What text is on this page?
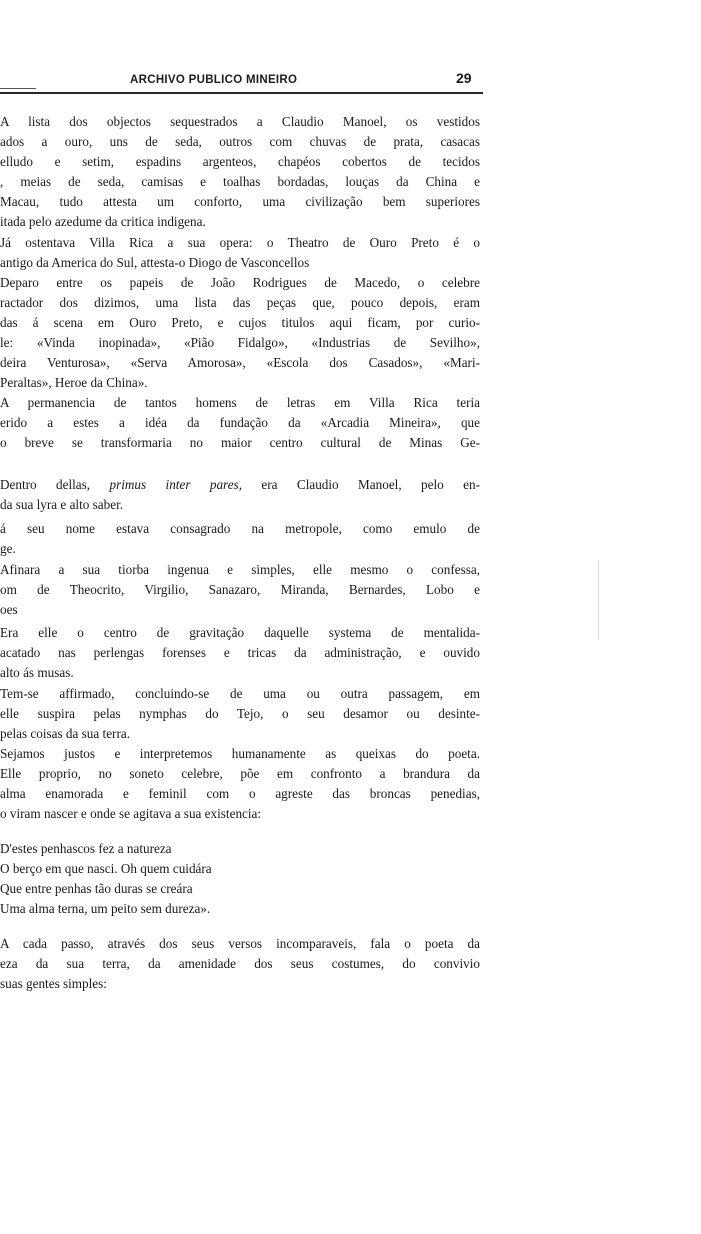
ARCHIVO PUBLICO MINEIRO	29
A lista dos objectos sequestrados a Claudio Manoel, os vestidos
ados a ouro, uns de seda, outros com chuvas de prata, casacas
elludo e setim, espadins argenteos, chapéos cobertos de tecidos
, meias de seda, camisas e toalhas bordadas, louças da China e
Macau, tudo attesta um conforto, uma civilização bem superiores
itada pelo azedume da critica indigena.
Já ostentava Villa Rica a sua opera: o Theatro de Ouro Preto é o
antigo da America do Sul, attesta-o Diogo de Vasconcellos
Deparo entre os papeis de João Rodrigues de Macedo, o celebre
ractador dos dizimos, uma lista das peças que, pouco depois, eram
das á scena em Ouro Preto, e cujos titulos aqui ficam, por curio-
le: «Vinda inopinada», «Pião Fidalgo», «Industrias de Sevilho»,
deira Venturosa», «Serva Amorosa», «Escola dos Casados», «Mari-
Peraltas», Heroe da China».
A permanencia de tantos homens de letras em Villa Rica teria
erido a estes a idéa da fundação da «Arcadia Mineira», que
o breve se transformaria no maior centro cultural de Minas Ge-
Dentro dellas, primus inter pares, era Claudio Manoel, pelo en-
da sua lyra e alto saber.
á seu nome estava consagrado na metropole, como emulo de
ge.
Afinara a sua tiorba ingenua e simples, elle mesmo o confessa,
om de Theocrito, Virgilio, Sanazaro, Miranda, Bernardes, Lobo e
oes
Era elle o centro de gravitação daquelle systema de mentalida-
acatado nas perlengas forenses e tricas da administração, e ouvido
alto ás musas.
Tem-se affirmado, concluindo-se de uma ou outra passagem, em
elle suspira pelas nymphas do Tejo, o seu desamor ou desinte-
pelas coisas da sua terra.
Sejamos justos e interpretemos humanamente as queixas do poeta.
Elle proprio, no soneto celebre, põe em confronto a brandura da
alma enamorada e feminil com o agreste das broncas penedias,
o viram nascer e onde se agitava a sua existencia:
D'estes penhascos fez a natureza
O berço em que nasci. Oh quem cuidára
Que entre penhas tão duras se creára
Uma alma terna, um peito sem dureza».
A cada passo, através dos seus versos incomparaveis, fala o poeta da
eza da sua terra, da amenidade dos seus costumes, do convivio
suas gentes simples:
